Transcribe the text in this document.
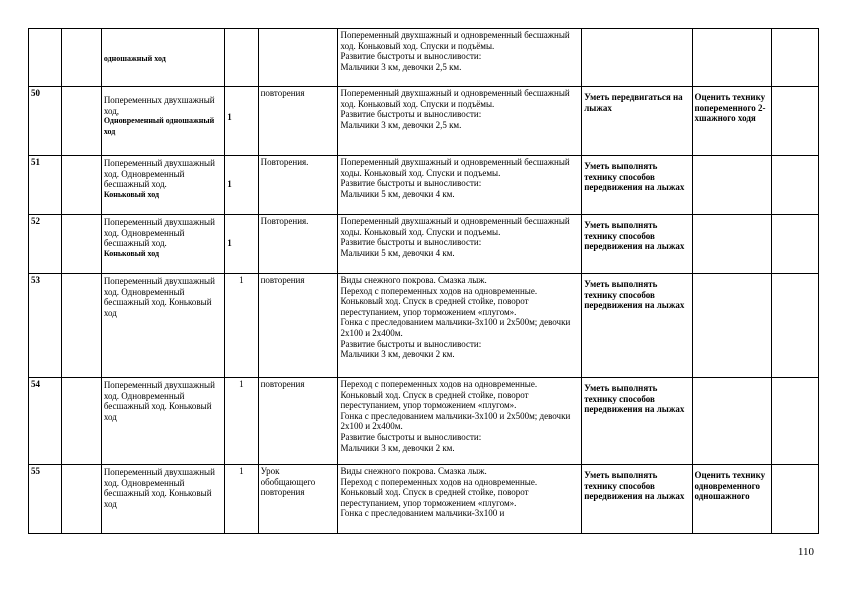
		одношажный ход			Попеременный двухшажный и одновременный бесшажный ход. Коньковый ход. Спуски и подъёмы.
Развитие быстроты и выносливости:
Мальчики 3 км, девочки 2,5 км.	

50		Попеременных двухшажный ход,
Одновременный одношажный ход	1	повторения	Попеременный двухшажный и одновременный бесшажный ход. Коньковый ход. Спуски и подъёмы.
Развитие быстроты и выносливости:
Мальчики 3 км, девочки 2,5 км.	Уметь передвигаться на лыжах	Оценить технику попеременного 2-хшажного ходя	

51		Попеременный двухшажный ход. Одновременный бесшажный ход.
Коньковый ход	1	Повторения.	Попеременный двухшажный и одновременный бесшажный ходы. Коньковый ход. Спуски и подъемы.
Развитие быстроты и выносливости:
Мальчики 5 км, девочки 4 км.	Уметь выполнять технику способов передвижения на лыжах		

52		Попеременный двухшажный ход. Одновременный бесшажный ход.
Коньковый ход	1	Повторения.	Попеременный двухшажный и одновременный бесшажный ходы. Коньковый ход. Спуски и подъемы.
Развитие быстроты и выносливости:
Мальчики 5 км, девочки 4 км.	Уметь выполнять технику способов передвижения на лыжах		

53		Попеременный двухшажный ход. Одновременный бесшажный ход. Коньковый ход	1	повторения	Виды снежного покрова. Смазка лыж.
Переход с попеременных ходов на одновременные. Коньковый ход. Спуск в средней стойке, поворот переступанием, упор торможением «плугом».
Гонка с преследованием мальчики-3х100 и 2х500м; девочки 2х100 и 2х400м.
Развитие быстроты и выносливости:
Мальчики 3 км, девочки 2 км.	Уметь выполнять технику способов передвижения на лыжах		

54		Попеременный двухшажный ход. Одновременный бесшажный ход. Коньковый ход	1	повторения	Переход с попеременных ходов на одновременные. Коньковый ход. Спуск в средней стойке, поворот переступанием, упор торможением «плугом».
Гонка с преследованием мальчики-3х100 и 2х500м; девочки 2х100 и 2х400м.
Развитие быстроты и выносливости:
Мальчики 3 км, девочки 2 км.	Уметь выполнять технику способов передвижения на лыжах		

55		Попеременный двухшажный ход. Одновременный бесшажный ход. Коньковый ход	1	Урок обобщающего повторения	Виды снежного покрова. Смазка лыж.
Переход с попеременных ходов на одновременные. Коньковый ход. Спуск в средней стойке, поворот переступанием, упор торможением «плугом».
Гонка с преследованием мальчики-3х100 и	Уметь выполнять технику способов передвижения на лыжах	Оценить технику одновременного одношажного	

110
